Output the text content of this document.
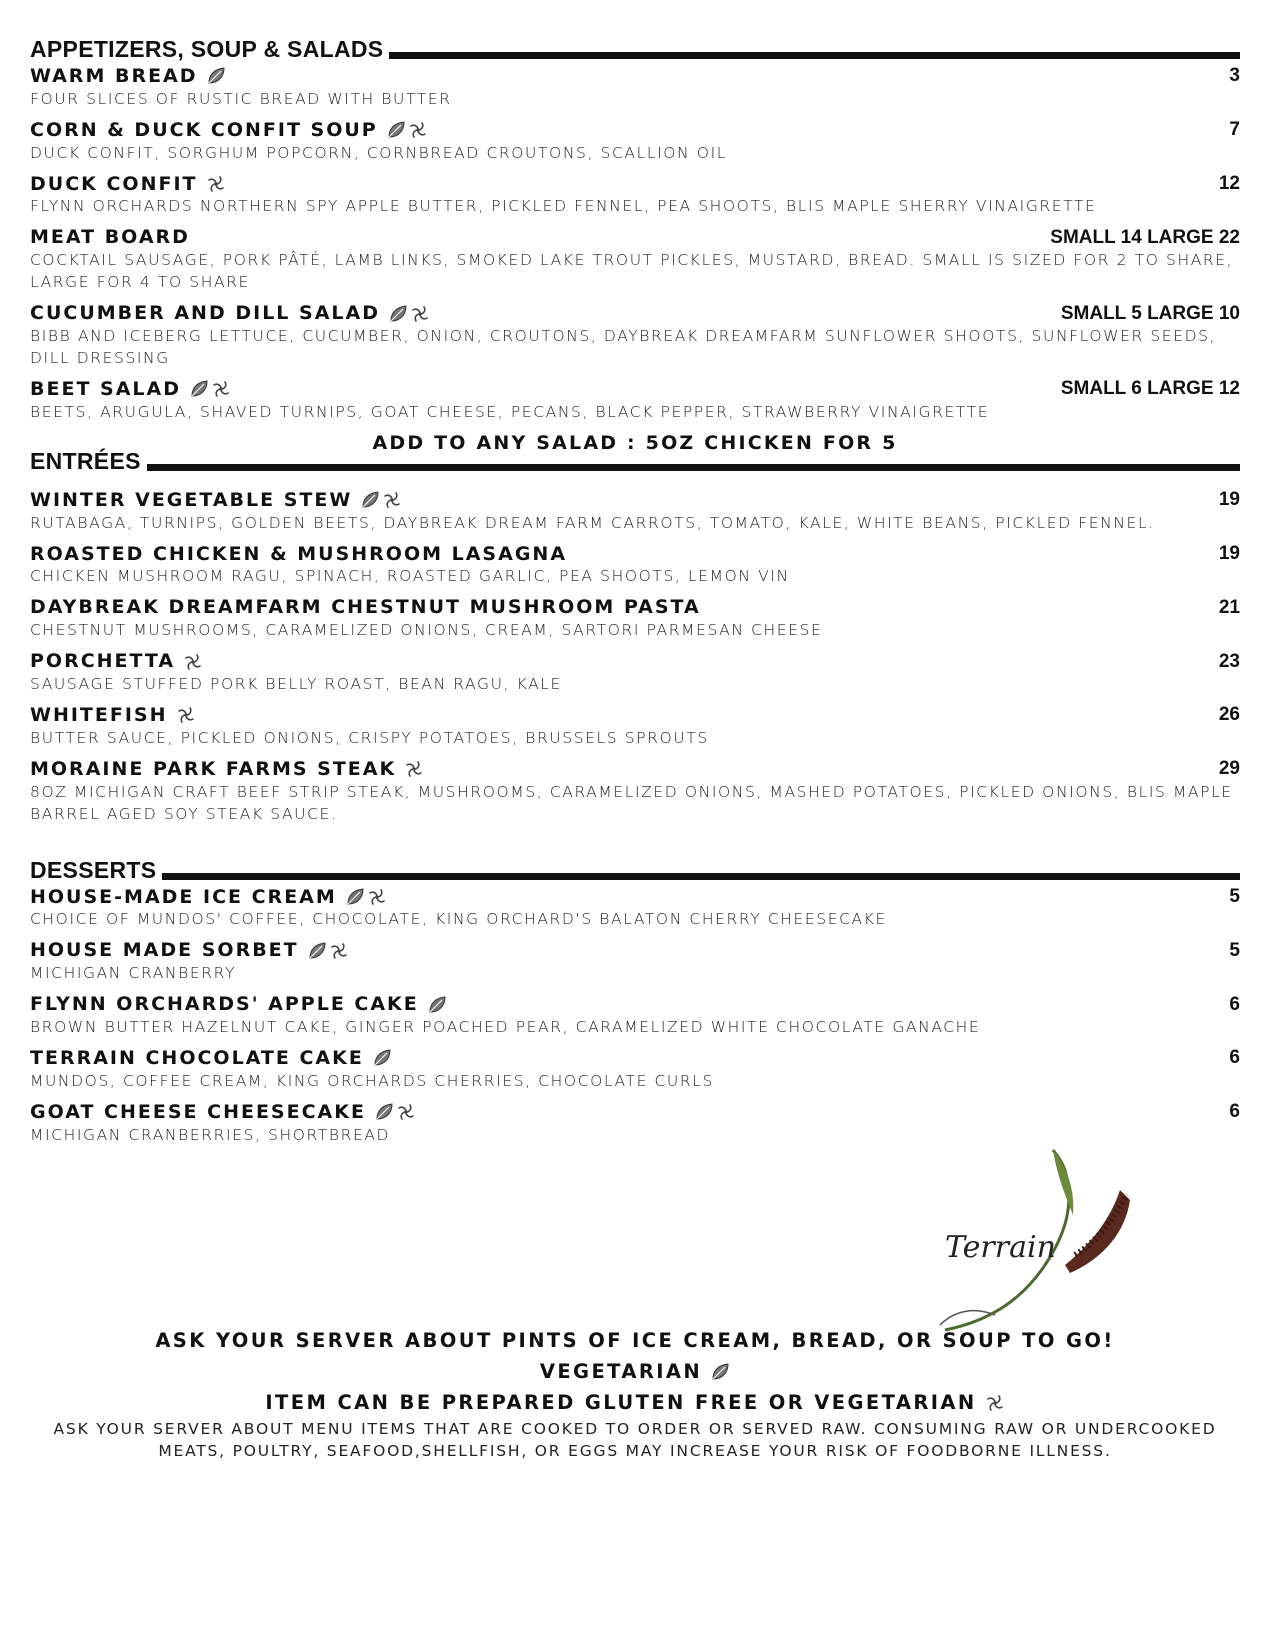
APPETIZERS, SOUP & SALADS
WARM BREAD	3
FOUR SLICES OF RUSTIC BREAD WITH BUTTER
CORN & DUCK CONFIT SOUP	7
DUCK CONFIT, SORGHUM POPCORN, CORNBREAD CROUTONS, SCALLION OIL
DUCK CONFIT	12
FLYNN ORCHARDS NORTHERN SPY APPLE BUTTER, PICKLED FENNEL, PEA SHOOTS, BLIS MAPLE SHERRY VINAIGRETTE
MEAT BOARD	SMALL 14 LARGE 22
COCKTAIL SAUSAGE, PORK PÂTÉ, LAMB LINKS, SMOKED LAKE TROUT PICKLES, MUSTARD, BREAD. SMALL IS SIZED FOR 2 TO SHARE, LARGE FOR 4 TO SHARE
CUCUMBER AND DILL SALAD	SMALL 5 LARGE 10
BIBB AND ICEBERG LETTUCE, CUCUMBER, ONION, CROUTONS, DAYBREAK DREAMFARM SUNFLOWER SHOOTS, SUNFLOWER SEEDS, DILL DRESSING
BEET SALAD	SMALL 6 LARGE 12
BEETS, ARUGULA, SHAVED TURNIPS, GOAT CHEESE, PECANS, BLACK PEPPER, STRAWBERRY VINAIGRETTE
ADD TO ANY SALAD : 5OZ CHICKEN FOR 5
ENTRÉES
WINTER VEGETABLE STEW	19
RUTABAGA, TURNIPS, GOLDEN BEETS, DAYBREAK DREAM FARM CARROTS, TOMATO, KALE, WHITE BEANS, PICKLED FENNEL.
ROASTED CHICKEN & MUSHROOM LASAGNA	19
CHICKEN MUSHROOM RAGU, SPINACH, ROASTED GARLIC, PEA SHOOTS, LEMON VIN
DAYBREAK DREAMFARM CHESTNUT MUSHROOM PASTA	21
CHESTNUT MUSHROOMS, CARAMELIZED ONIONS, CREAM, SARTORI PARMESAN CHEESE
PORCHETTA	23
SAUSAGE STUFFED PORK BELLY ROAST, BEAN RAGU, KALE
WHITEFISH	26
BUTTER SAUCE, PICKLED ONIONS, CRISPY POTATOES, BRUSSELS SPROUTS
MORAINE PARK FARMS STEAK	29
8OZ MICHIGAN CRAFT BEEF STRIP STEAK, MUSHROOMS, CARAMELIZED ONIONS, MASHED POTATOES, PICKLED ONIONS, BLIS MAPLE BARREL AGED SOY STEAK SAUCE.
DESSERTS
HOUSE-MADE ICE CREAM	5
CHOICE OF MUNDOS' COFFEE, CHOCOLATE, KING ORCHARD'S BALATON CHERRY CHEESECAKE
HOUSE MADE SORBET	5
MICHIGAN CRANBERRY
FLYNN ORCHARDS' APPLE CAKE	6
BROWN BUTTER HAZELNUT CAKE, GINGER POACHED PEAR, CARAMELIZED WHITE CHOCOLATE GANACHE
TERRAIN CHOCOLATE CAKE	6
MUNDOS, COFFEE CREAM, KING ORCHARDS CHERRIES, CHOCOLATE CURLS
GOAT CHEESE CHEESECAKE	6
MICHIGAN CRANBERRIES, SHORTBREAD
Terrain
ASK YOUR SERVER ABOUT PINTS OF ICE CREAM, BREAD, OR SOUP TO GO!
VEGETARIAN
ITEM CAN BE PREPARED GLUTEN FREE OR VEGETARIAN
ASK YOUR SERVER ABOUT MENU ITEMS THAT ARE COOKED TO ORDER OR SERVED RAW. CONSUMING RAW OR UNDERCOOKED MEATS, POULTRY, SEAFOOD,SHELLFISH, OR EGGS MAY INCREASE YOUR RISK OF FOODBORNE ILLNESS.
